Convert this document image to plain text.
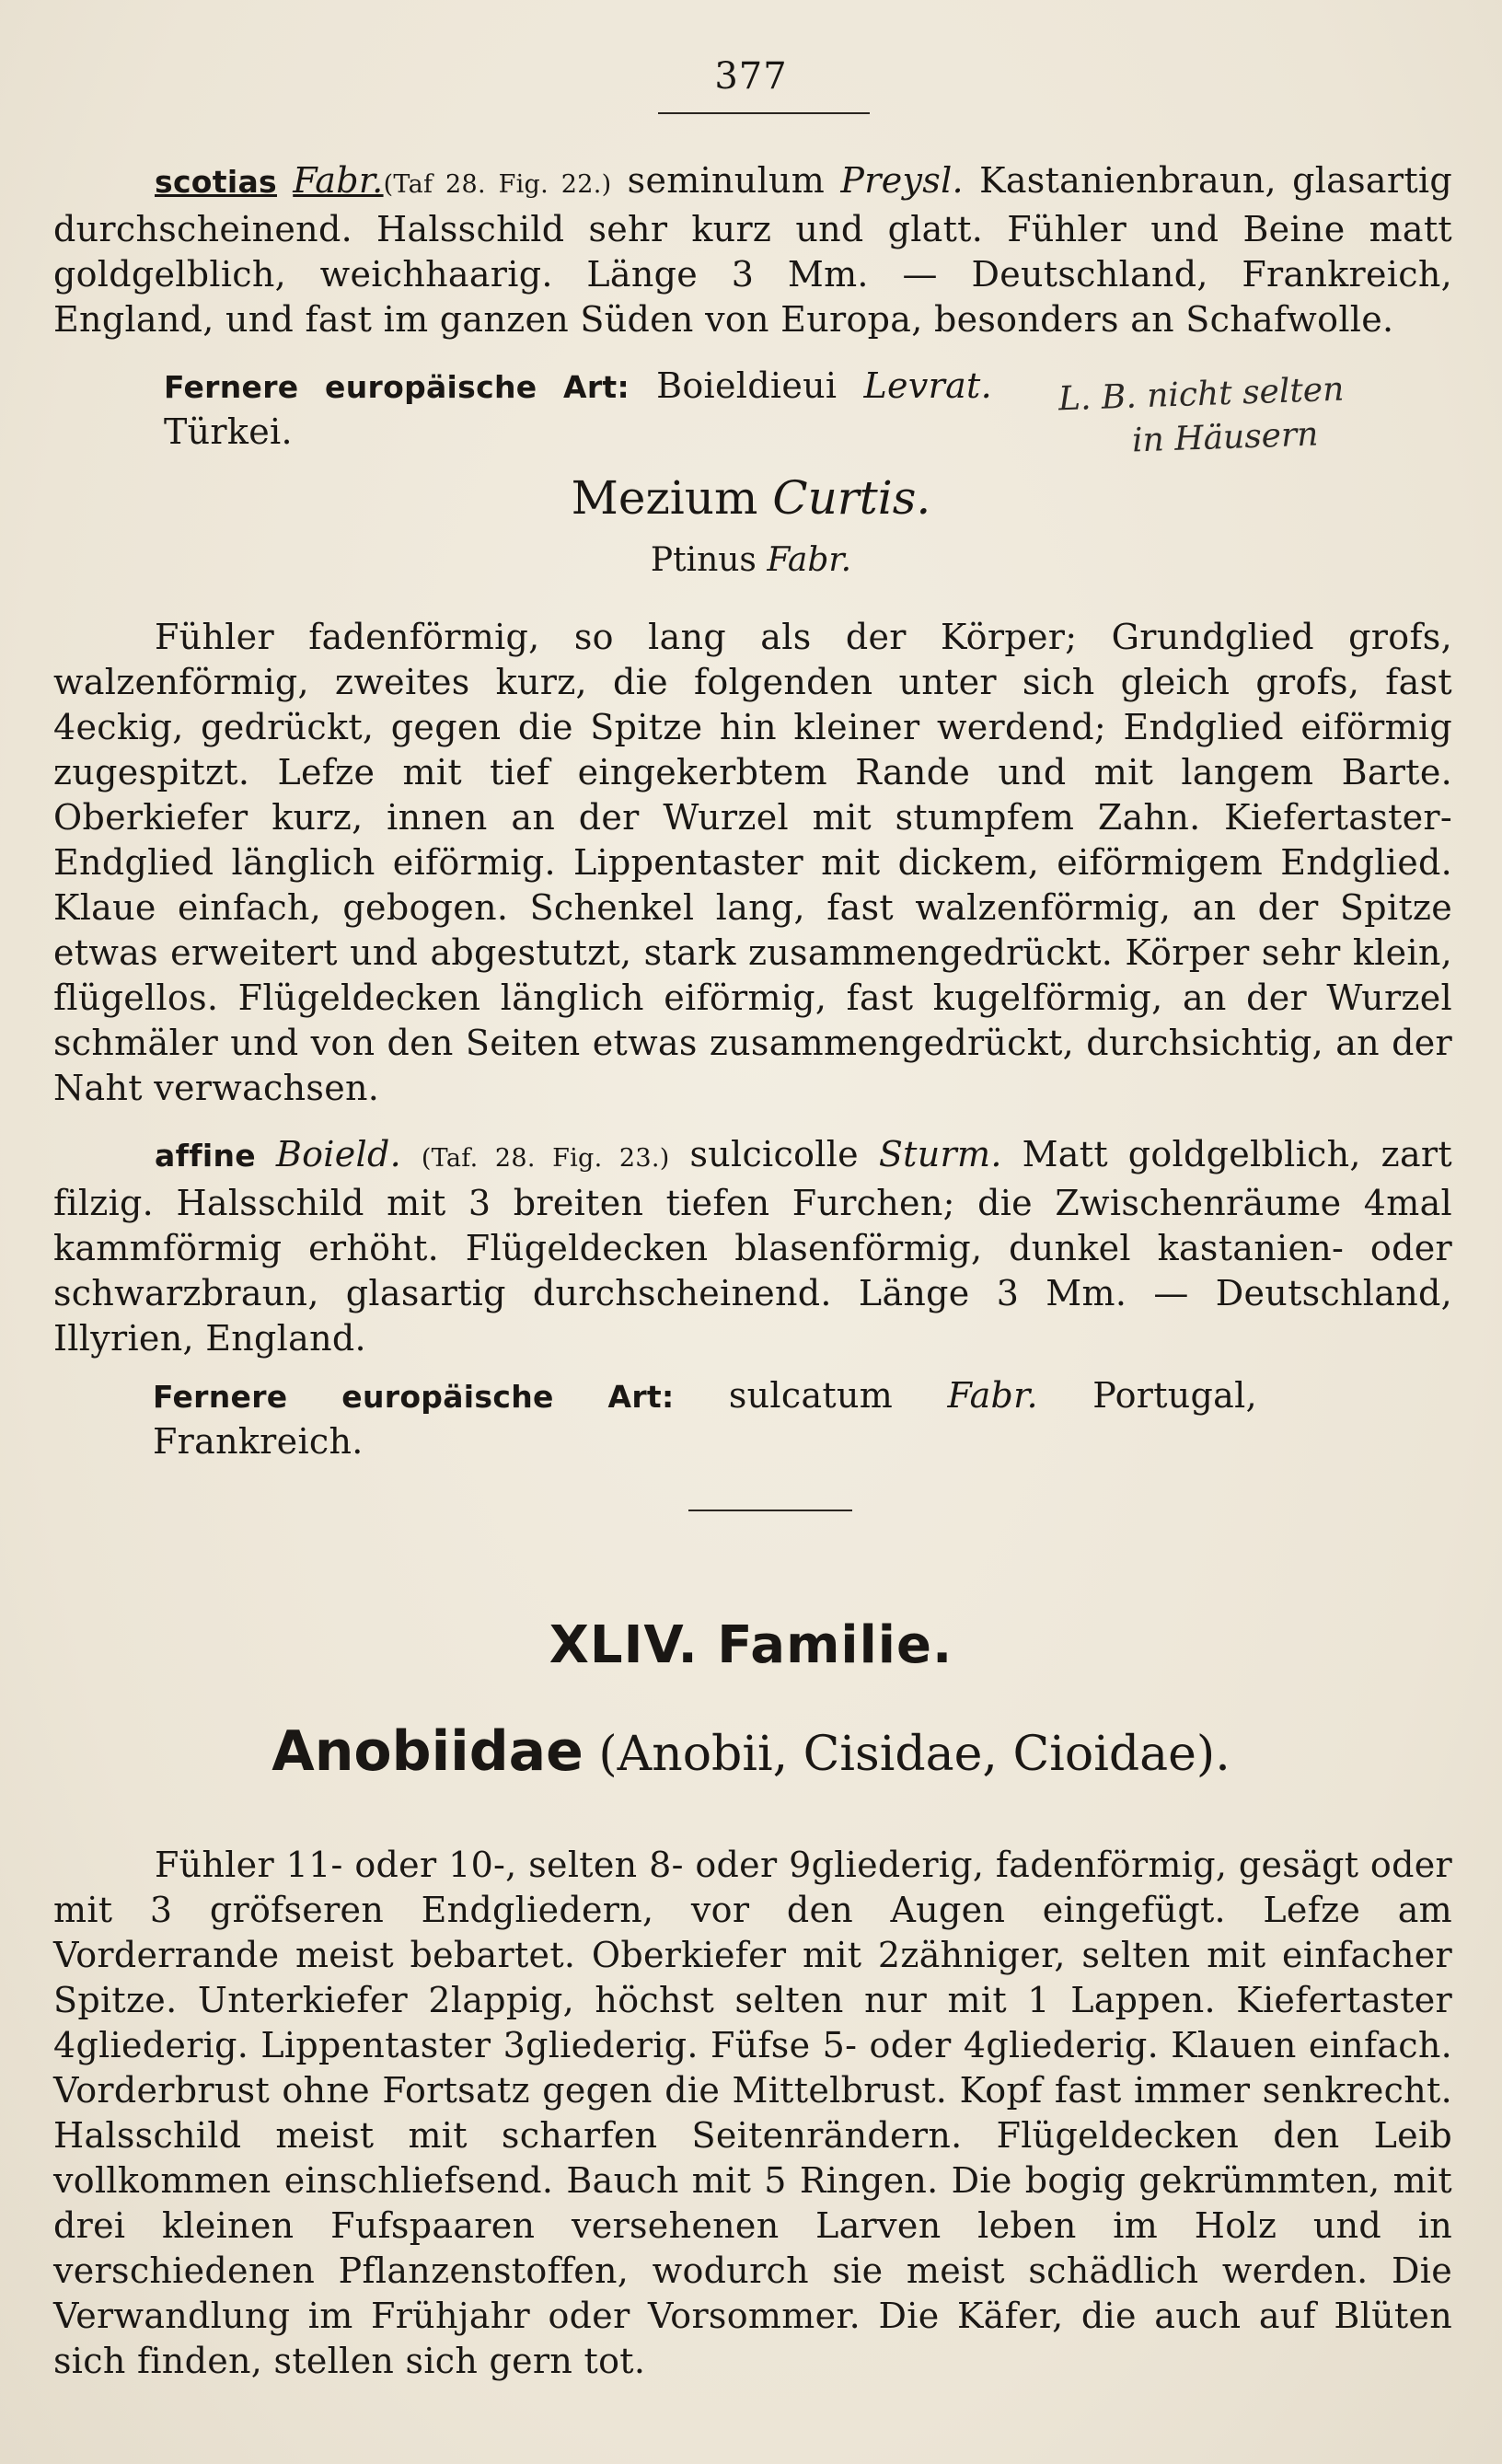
377

scotias Fabr.(Taf 28. Fig. 22.) seminulum Preysl. Kastanienbraun, glasartig durchscheinend. Halsschild sehr kurz und glatt. Fühler und Beine matt goldgelblich, weichhaarig. Länge 3 Mm. — Deutschland, Frankreich, England, und fast im ganzen Süden von Europa, besonders an Schafwolle.

Fernere europäische Art: Boieldieui Levrat. Türkei.
L. B. nicht selten
in Häusern
Mezium Curtis.
Ptinus Fabr.

Fühler fadenförmig, so lang als der Körper; Grundglied grofs, walzenförmig, zweites kurz, die folgenden unter sich gleich grofs, fast 4eckig, gedrückt, gegen die Spitze hin kleiner werdend; Endglied eiförmig zugespitzt. Lefze mit tief eingekerbtem Rande und mit langem Barte. Oberkiefer kurz, innen an der Wurzel mit stumpfem Zahn. Kiefertaster-Endglied länglich eiförmig. Lippentaster mit dickem, eiförmigem Endglied. Klaue einfach, gebogen. Schenkel lang, fast walzenförmig, an der Spitze etwas erweitert und abgestutzt, stark zusammengedrückt. Körper sehr klein, flügellos. Flügeldecken länglich eiförmig, fast kugelförmig, an der Wurzel schmäler und von den Seiten etwas zusammengedrückt, durchsichtig, an der Naht verwachsen.

affine Boield. (Taf. 28. Fig. 23.) sulcicolle Sturm. Matt goldgelblich, zart filzig. Halsschild mit 3 breiten tiefen Furchen; die Zwischenräume 4mal kammförmig erhöht. Flügeldecken blasenförmig, dunkel kastanien- oder schwarzbraun, glasartig durchscheinend. Länge 3 Mm. — Deutschland, Illyrien, England.

Fernere europäische Art: sulcatum Fabr. Portugal, Frankreich.
XLIV. Familie.
Anobiidae (Anobii, Cisidae, Cioidae).

Fühler 11- oder 10-, selten 8- oder 9gliederig, fadenförmig, gesägt oder mit 3 gröfseren Endgliedern, vor den Augen eingefügt. Lefze am Vorderrande meist bebartet. Oberkiefer mit 2zähniger, selten mit einfacher Spitze. Unterkiefer 2lappig, höchst selten nur mit 1 Lappen. Kiefertaster 4gliederig. Lippentaster 3gliederig. Füfse 5- oder 4gliederig. Klauen einfach. Vorderbrust ohne Fortsatz gegen die Mittelbrust. Kopf fast immer senkrecht. Halsschild meist mit scharfen Seitenrändern. Flügeldecken den Leib vollkommen einschliefsend. Bauch mit 5 Ringen. Die bogig gekrümmten, mit drei kleinen Fufspaaren versehenen Larven leben im Holz und in verschiedenen Pflanzenstoffen, wodurch sie meist schädlich werden. Die Verwandlung im Frühjahr oder Vorsommer. Die Käfer, die auch auf Blüten sich finden, stellen sich gern tot.
